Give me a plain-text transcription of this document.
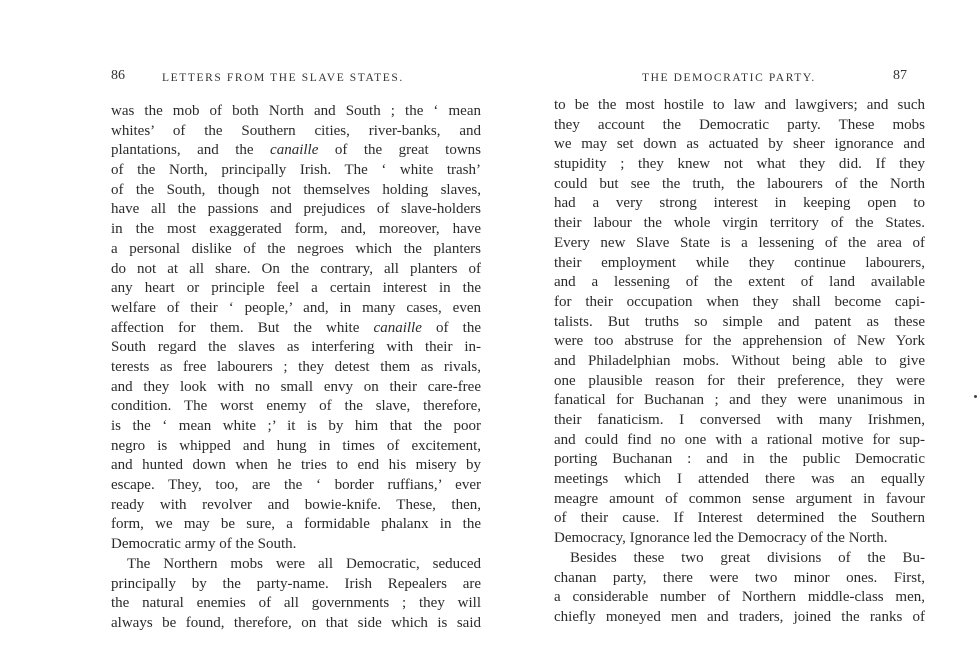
86	LETTERS FROM THE SLAVE STATES.
was the mob of both North and South ; the ‘ mean
whites’ of the Southern cities, river-banks, and
plantations, and the canaille of the great towns
of the North, principally Irish. The ‘ white trash’
of the South, though not themselves holding slaves,
have all the passions and prejudices of slave-holders
in the most exaggerated form, and, moreover, have
a personal dislike of the negroes which the planters
do not at all share. On the contrary, all planters of
any heart or principle feel a certain interest in the
welfare of their ‘ people,’ and, in many cases, even
affection for them. But the white canaille of the
South regard the slaves as interfering with their in-
terests as free labourers ; they detest them as rivals,
and they look with no small envy on their care-free
condition. The worst enemy of the slave, therefore,
is the ‘ mean white ;’ it is by him that the poor
negro is whipped and hung in times of excitement,
and hunted down when he tries to end his misery by
escape. They, too, are the ‘ border ruffians,’ ever
ready with revolver and bowie-knife. These, then,
form, we may be sure, a formidable phalanx in the
Democratic army of the South.
The Northern mobs were all Democratic, seduced
principally by the party-name. Irish Repealers are
the natural enemies of all governments ; they will
always be found, therefore, on that side which is said
THE DEMOCRATIC PARTY.	87
to be the most hostile to law and lawgivers; and such
they account the Democratic party. These mobs
we may set down as actuated by sheer ignorance and
stupidity ; they knew not what they did. If they
could but see the truth, the labourers of the North
had a very strong interest in keeping open to
their labour the whole virgin territory of the States.
Every new Slave State is a lessening of the area of
their employment while they continue labourers,
and a lessening of the extent of land available
for their occupation when they shall become capi-
talists. But truths so simple and patent as these
were too abstruse for the apprehension of New York
and Philadelphian mobs. Without being able to give
one plausible reason for their preference, they were
fanatical for Buchanan ; and they were unanimous in
their fanaticism. I conversed with many Irishmen,
and could find no one with a rational motive for sup-
porting Buchanan : and in the public Democratic
meetings which I attended there was an equally
meagre amount of common sense argument in favour
of their cause. If Interest determined the Southern
Democracy, Ignorance led the Democracy of the North.
Besides these two great divisions of the Bu-
chanan party, there were two minor ones. First,
a considerable number of Northern middle-class men,
chiefly moneyed men and traders, joined the ranks of
